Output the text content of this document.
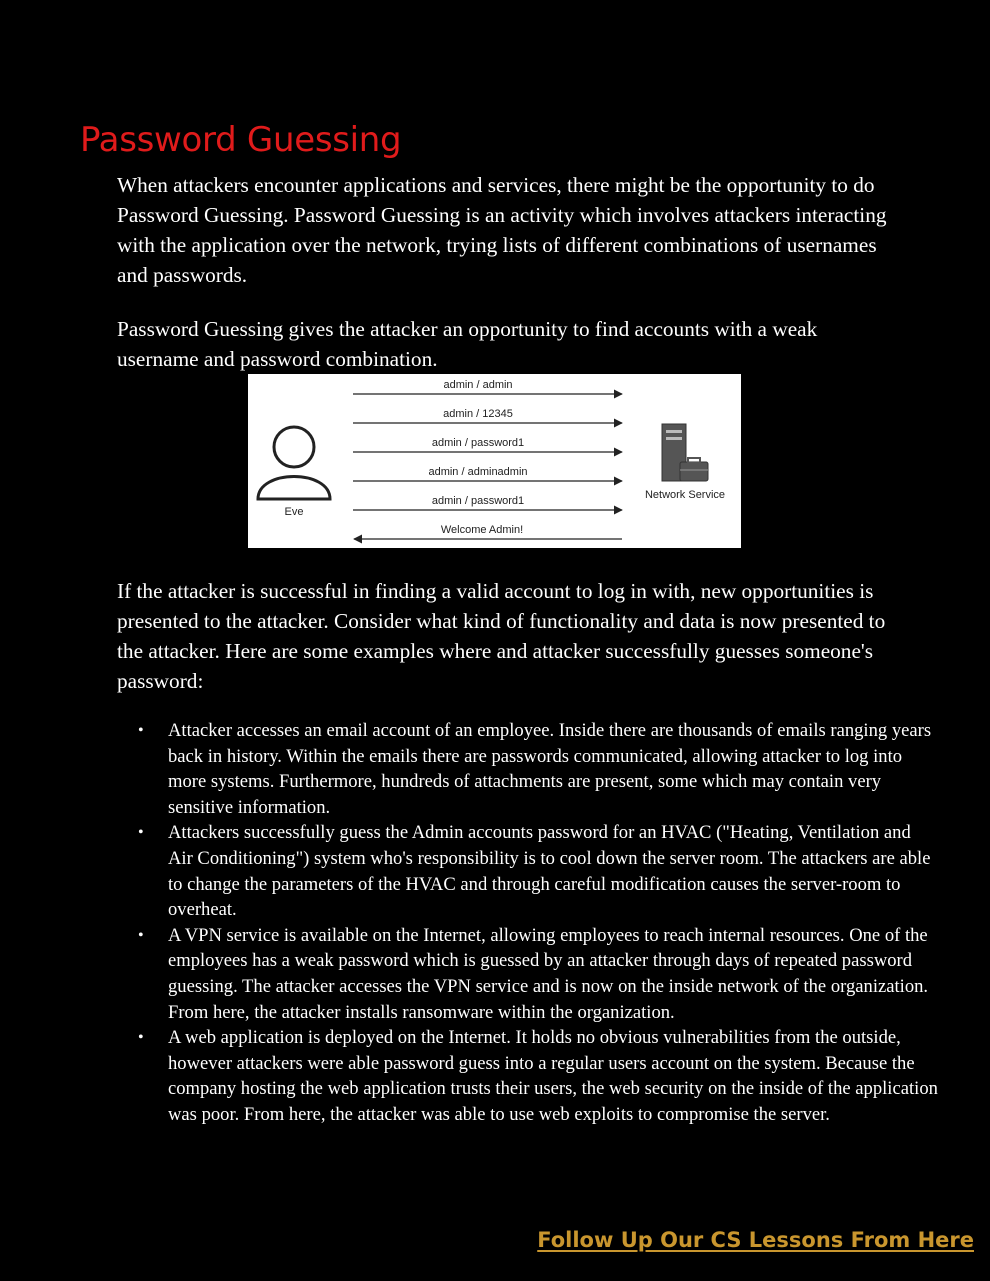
Password Guessing

When attackers encounter applications and services, there might be the opportunity to do Password Guessing. Password Guessing is an activity which involves attackers interacting with the application over the network, trying lists of different combinations of usernames and passwords.

Password Guessing gives the attacker an opportunity to find accounts with a weak username and password combination.

Eve
Network Service
admin / admin
admin / 12345
admin / password1
admin / adminadmin
admin / password1
Welcome Admin!

If the attacker is successful in finding a valid account to log in with, new opportunities is presented to the attacker. Consider what kind of functionality and data is now presented to the attacker. Here are some examples where and attacker successfully guesses someone's password:

• Attacker accesses an email account of an employee. Inside there are thousands of emails ranging years back in history. Within the emails there are passwords communicated, allowing attacker to log into more systems. Furthermore, hundreds of attachments are present, some which may contain very sensitive information.
• Attackers successfully guess the Admin accounts password for an HVAC ("Heating, Ventilation and Air Conditioning") system who's responsibility is to cool down the server room. The attackers are able to change the parameters of the HVAC and through careful modification causes the server-room to overheat.
• A VPN service is available on the Internet, allowing employees to reach internal resources. One of the employees has a weak password which is guessed by an attacker through days of repeated password guessing. The attacker accesses the VPN service and is now on the inside network of the organization. From here, the attacker installs ransomware within the organization.
• A web application is deployed on the Internet. It holds no obvious vulnerabilities from the outside, however attackers were able password guess into a regular users account on the system. Because the company hosting the web application trusts their users, the web security on the inside of the application was poor. From here, the attacker was able to use web exploits to compromise the server.
Follow Up Our CS Lessons From Here
